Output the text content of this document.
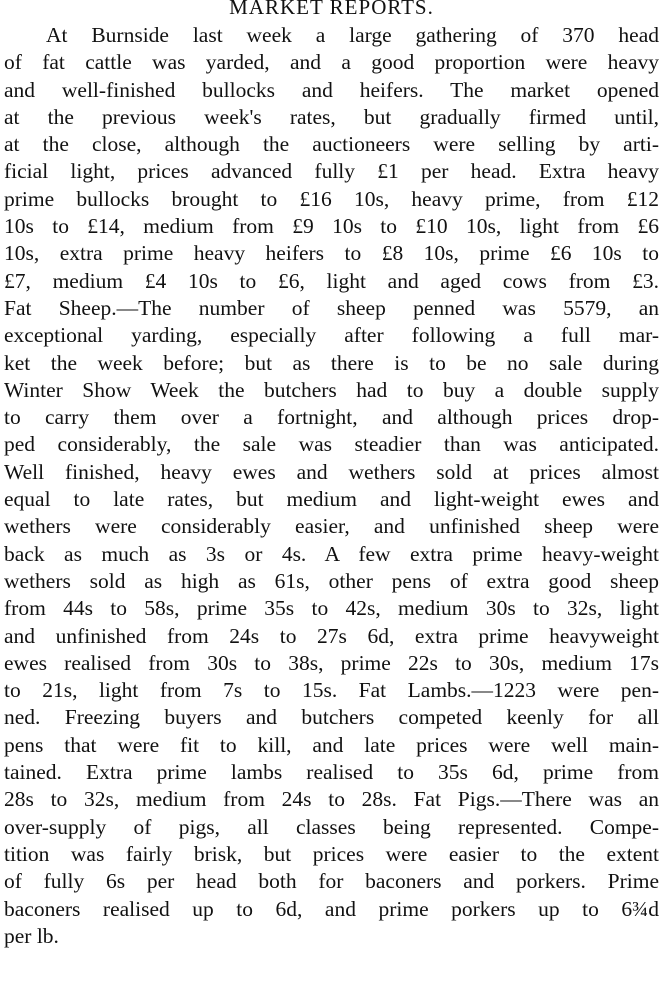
MARKET REPORTS.
At Burnside last week a large gathering of 370 head
of fat cattle was yarded, and a good proportion were heavy
and well-finished bullocks and heifers. The market opened
at the previous week's rates, but gradually firmed until,
at the close, although the auctioneers were selling by arti-
ficial light, prices advanced fully £1 per head. Extra heavy
prime bullocks brought to £16 10s, heavy prime, from £12
10s to £14, medium from £9 10s to £10 10s, light from £6
10s, extra prime heavy heifers to £8 10s, prime £6 10s to
£7, medium £4 10s to £6, light and aged cows from £3.
Fat Sheep.—The number of sheep penned was 5579, an
exceptional yarding, especially after following a full mar-
ket the week before; but as there is to be no sale during
Winter Show Week the butchers had to buy a double supply
to carry them over a fortnight, and although prices drop-
ped considerably, the sale was steadier than was anticipated.
Well finished, heavy ewes and wethers sold at prices almost
equal to late rates, but medium and light-weight ewes and
wethers were considerably easier, and unfinished sheep were
back as much as 3s or 4s. A few extra prime heavy-weight
wethers sold as high as 61s, other pens of extra good sheep
from 44s to 58s, prime 35s to 42s, medium 30s to 32s, light
and unfinished from 24s to 27s 6d, extra prime heavyweight
ewes realised from 30s to 38s, prime 22s to 30s, medium 17s
to 21s, light from 7s to 15s. Fat Lambs.—1223 were pen-
ned. Freezing buyers and butchers competed keenly for all
pens that were fit to kill, and late prices were well main-
tained. Extra prime lambs realised to 35s 6d, prime from
28s to 32s, medium from 24s to 28s. Fat Pigs.—There was an
over-supply of pigs, all classes being represented. Compe-
tition was fairly brisk, but prices were easier to the extent
of fully 6s per head both for baconers and porkers. Prime
baconers realised up to 6d, and prime porkers up to 6¾d
per lb.
